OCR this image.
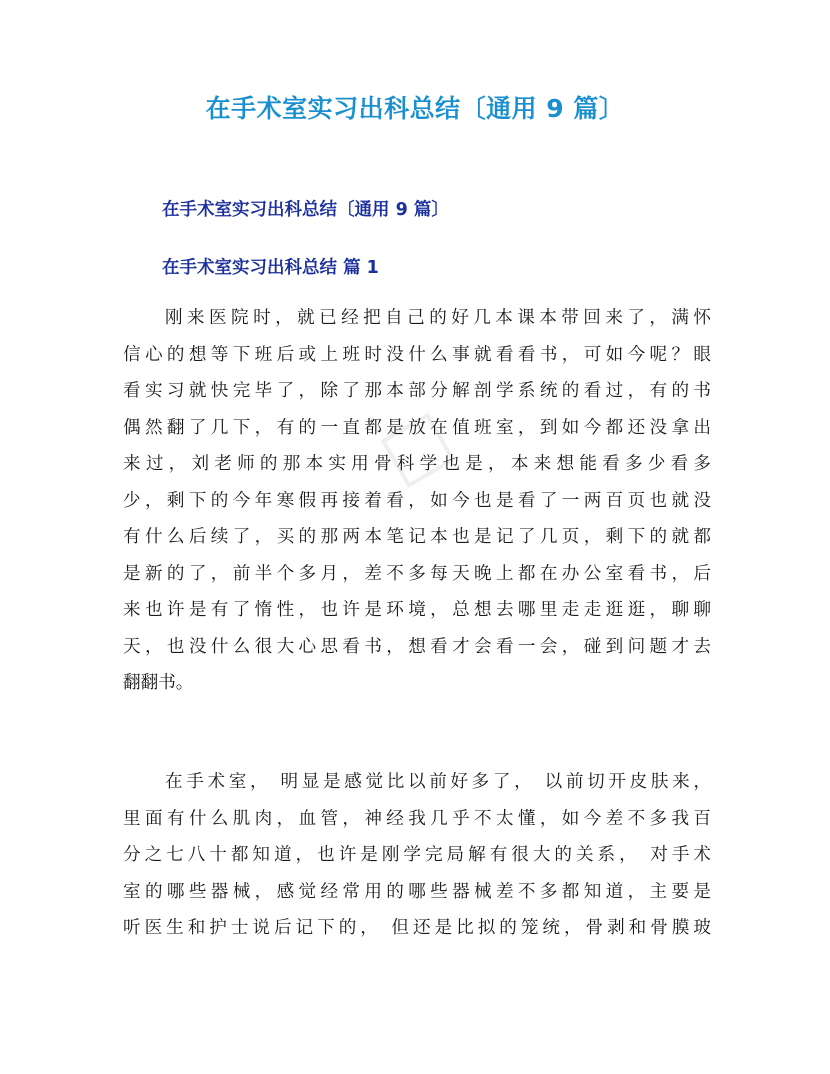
□
在手术室实习出科总结〔通用 9 篇〕
在手术室实习出科总结〔通用 9 篇〕
在手术室实习出科总结 篇 1
刚来医院时，就已经把自己的好几本课本带回来了，满怀
信心的想等下班后或上班时没什么事就看看书，可如今呢？眼
看实习就快完毕了，除了那本部分解剖学系统的看过，有的书
偶然翻了几下，有的一直都是放在值班室，到如今都还没拿出
来过，刘老师的那本实用骨科学也是，本来想能看多少看多
少，剩下的今年寒假再接着看，如今也是看了一两百页也就没
有什么后续了，买的那两本笔记本也是记了几页，剩下的就都
是新的了，前半个多月，差不多每天晚上都在办公室看书，后
来也许是有了惰性，也许是环境，总想去哪里走走逛逛，聊聊
天，也没什么很大心思看书，想看才会看一会，碰到问题才去
翻翻书。
在手术室， 明显是感觉比以前好多了， 以前切开皮肤来，
里面有什么肌肉，血管，神经我几乎不太懂，如今差不多我百
分之七八十都知道，也许是刚学完局解有很大的关系， 对手术
室的哪些器械，感觉经常用的哪些器械差不多都知道，主要是
听医生和护士说后记下的， 但还是比拟的笼统，骨剥和骨膜玻
